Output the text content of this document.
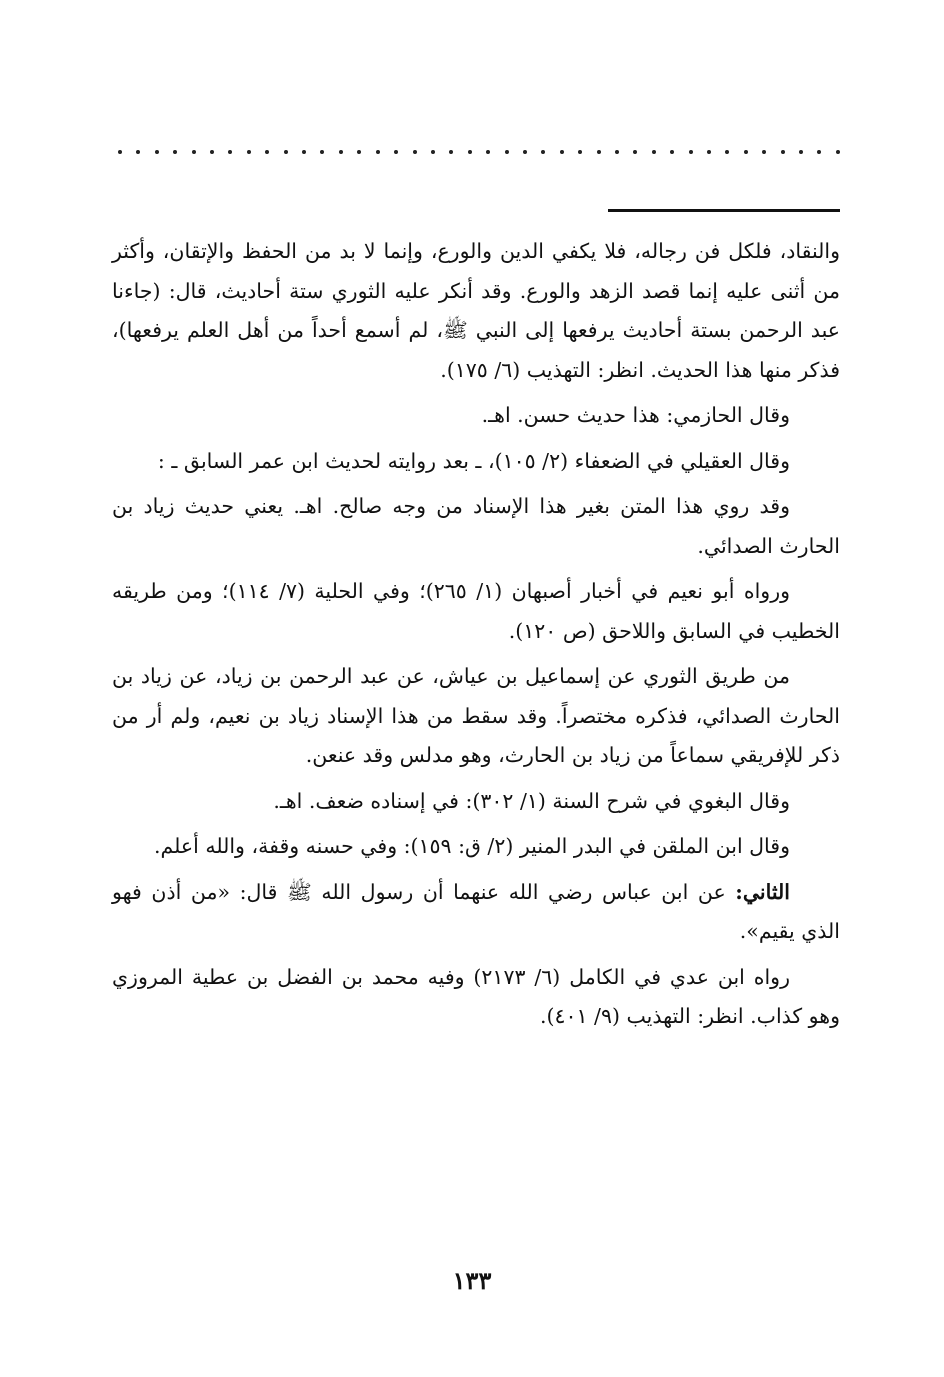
والنقاد، فلكل فن رجاله، فلا يكفي الدين والورع، وإنما لا بد من الحفظ والإتقان، وأكثر من أثنى عليه إنما قصد الزهد والورع. وقد أنكر عليه الثوري ستة أحاديث، قال: (جاءنا عبد الرحمن بستة أحاديث يرفعها إلى النبي ﷺ، لم أسمع أحداً من أهل العلم يرفعها)، فذكر منها هذا الحديث. انظر: التهذيب (٦/ ١٧٥).

وقال الحازمي: هذا حديث حسن. اهـ.

وقال العقيلي في الضعفاء (٢/ ١٠٥)، ـ بعد روايته لحديث ابن عمر السابق ـ :

وقد روي هذا المتن بغير هذا الإسناد من وجه صالح. اهـ. يعني حديث زياد بن الحارث الصدائي.

ورواه أبو نعيم في أخبار أصبهان (١/ ٢٦٥)؛ وفي الحلية (٧/ ١١٤)؛ ومن طريقه الخطيب في السابق واللاحق (ص ١٢٠).

من طريق الثوري عن إسماعيل بن عياش، عن عبد الرحمن بن زياد، عن زياد بن الحارث الصدائي، فذكره مختصراً. وقد سقط من هذا الإسناد زياد بن نعيم، ولم أر من ذكر للإفريقي سماعاً من زياد بن الحارث، وهو مدلس وقد عنعن.

وقال البغوي في شرح السنة (١/ ٣٠٢): في إسناده ضعف. اهـ.

وقال ابن الملقن في البدر المنير (٢/ ق: ١٥٩): وفي حسنه وقفة، والله أعلم.

الثاني: عن ابن عباس رضي الله عنهما أن رسول الله ﷺ قال: «من أذن فهو الذي يقيم».

رواه ابن عدي في الكامل (٦/ ٢١٧٣) وفيه محمد بن الفضل بن عطية المروزي وهو كذاب. انظر: التهذيب (٩/ ٤٠١).

١٣٣
